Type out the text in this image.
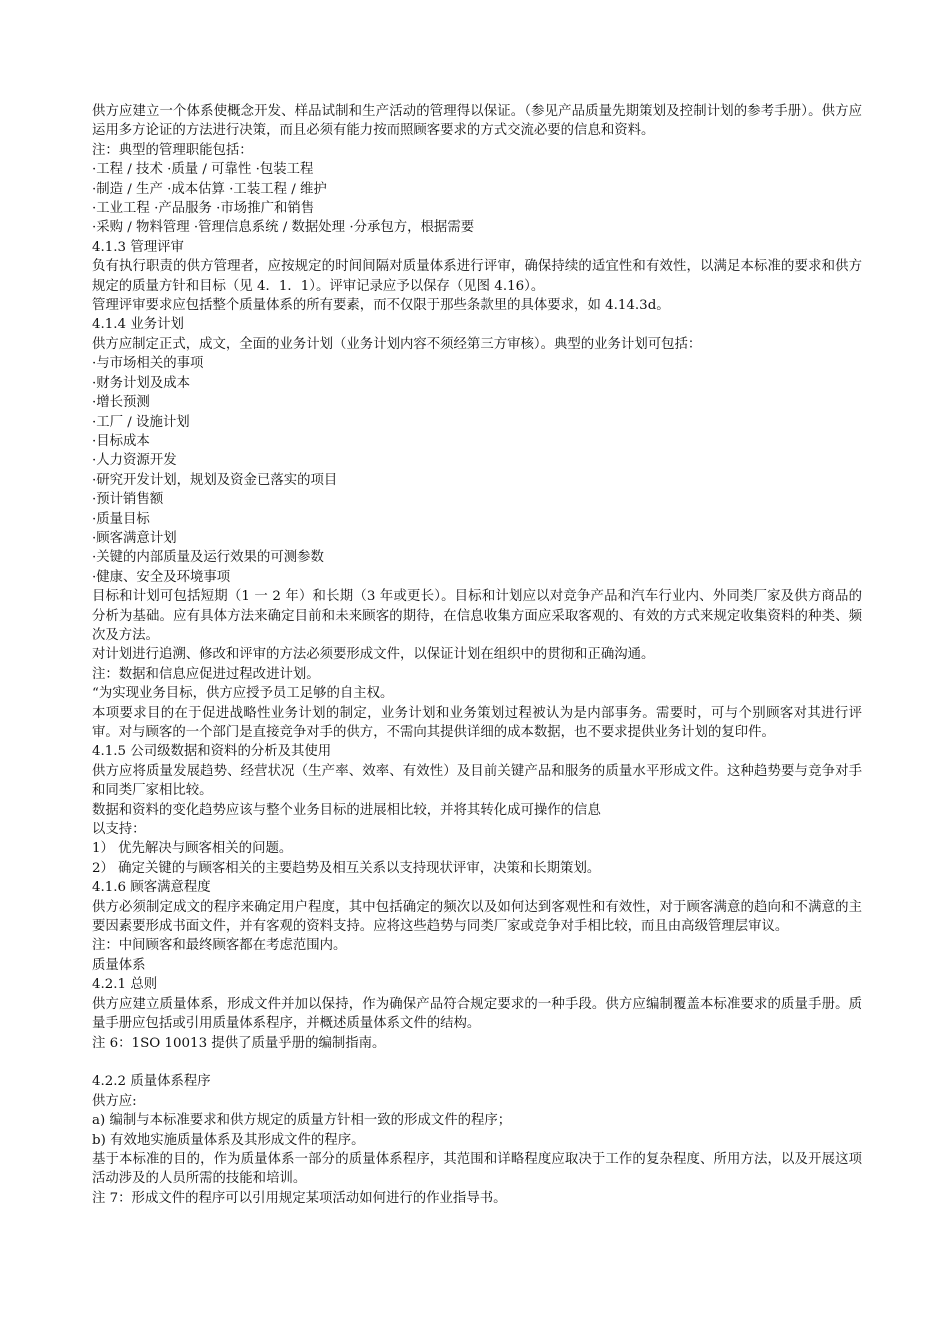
供方应建立一个体系使概念开发、样品试制和生产活动的管理得以保证。（参见产品质量先期策划及控制计划的参考手册）。供方应运用多方论证的方法进行决策，而且必须有能力按而照顾客要求的方式交流必要的信息和资料。

注：典型的管理职能包括：

·工程 / 技术 ·质量 / 可靠性 ·包装工程

·制造 / 生产 ·成本估算 ·工装工程 / 维护

·工业工程 ·产品服务 ·市场推广和销售

·采购 / 物料管理 ·管理信息系统 / 数据处理 ·分承包方，根据需要

4.1.3 管理评审

负有执行职责的供方管理者，应按规定的时间间隔对质量体系进行评审，确保持续的适宜性和有效性，以满足本标准的要求和供方规定的质量方针和目标（见 4．1．1）。评审记录应予以保存（见图 4.16）。

管理评审要求应包括整个质量体系的所有要素，而不仅限于那些条款里的具体要求，如 4.14.3d。

4.1.4 业务计划

供方应制定正式，成文，全面的业务计划（业务计划内容不须经第三方审核）。典型的业务计划可包括：

·与市场相关的事项

·财务计划及成本

·增长预测

·工厂 / 设施计划

·目标成本

·人力资源开发

·研究开发计划，规划及资金已落实的项目

·预计销售额

·质量目标

·顾客满意计划

·关键的内部质量及运行效果的可测参数

·健康、安全及环境事项

目标和计划可包括短期（1 一 2 年）和长期（3 年或更长）。目标和计划应以对竞争产品和汽车行业内、外同类厂家及供方商品的分析为基础。应有具体方法来确定目前和未来顾客的期待，在信息收集方面应采取客观的、有效的方式来规定收集资料的种类、频次及方法。

对计划进行追溯、修改和评审的方法必须要形成文件，以保证计划在组织中的贯彻和正确沟通。

注：数据和信息应促进过程改进计划。

“为实现业务目标，供方应授予员工足够的自主权。

本项要求目的在于促进战略性业务计划的制定，业务计划和业务策划过程被认为是内部事务。需要时，可与个别顾客对其进行评审。对与顾客的一个部门是直接竞争对手的供方，不需向其提供详细的成本数据，也不要求提供业务计划的复印件。

4.1.5 公司级数据和资料的分析及其使用

供方应将质量发展趋势、经营状况（生产率、效率、有效性）及目前关键产品和服务的质量水平形成文件。这种趋势要与竞争对手和同类厂家相比较。

数据和资料的变化趋势应该与整个业务目标的进展相比较，并将其转化成可操作的信息

以支持：

1） 优先解决与顾客相关的问题。

2） 确定关键的与顾客相关的主要趋势及相互关系以支持现状评审，决策和长期策划。

4.1.6 顾客满意程度

供方必须制定成文的程序来确定用户程度，其中包括确定的频次以及如何达到客观性和有效性，对于顾客满意的趋向和不满意的主要因素要形成书面文件，并有客观的资料支持。应将这些趋势与同类厂家或竞争对手相比较，而且由高级管理层审议。

注：中间顾客和最终顾客都在考虑范围内。

质量体系

4.2.1 总则

供方应建立质量体系，形成文件并加以保持，作为确保产品符合规定要求的一种手段。供方应编制覆盖本标准要求的质量手册。质量手册应包括或引用质量体系程序，并概述质量体系文件的结构。

注 6：1SO 10013 提供了质量乎册的编制指南。

4.2.2 质量体系程序

供方应:

a) 编制与本标准要求和供方规定的质量方针相一致的形成文件的程序；

b) 有效地实施质量体系及其形成文件的程序。

基于本标准的目的，作为质量体系一部分的质量体系程序，其范围和详略程度应取决于工作的复杂程度、所用方法，以及开展这项活动涉及的人员所需的技能和培训。

注 7：形成文件的程序可以引用规定某项活动如何进行的作业指导书。
